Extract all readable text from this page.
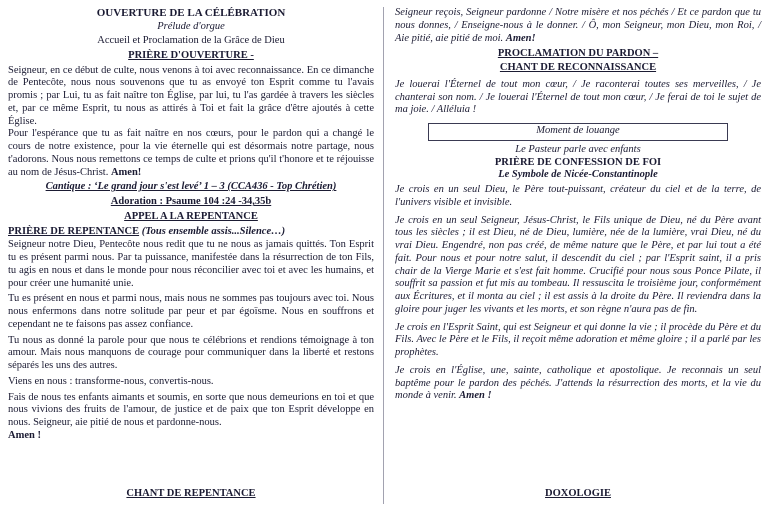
OUVERTURE DE LA CÉLÉBRATION
Prélude d'orgue
Accueil et Proclamation de la Grâce de Dieu
PRIÈRE D'OUVERTURE -

Seigneur, en ce début de culte, nous venons à toi avec reconnaissance. En ce dimanche de Pentecôte, nous nous souvenons que tu as envoyé ton Esprit comme tu l'avais promis ; par Lui, tu as fait naître ton Église, par lui, tu l'as gardée à travers les siècles et, par ce même Esprit, tu nous as attirés à Toi et fait la grâce d'être ajoutés à cette Église.

Pour l'espérance que tu as fait naître en nos cœurs, pour le pardon qui a changé le cours de notre existence, pour la vie éternelle qui est désormais notre partage, nous t'adorons. Nous nous remettons ce temps de culte et prions qu'il t'honore et te réjouisse au nom de Jésus-Christ. Amen!

Cantique : ‘Le grand jour s'est levé’ 1 – 3 (CCA436 - Top Chrétien)
Adoration : Psaume 104 :24 -34,35b
APPEL A LA REPENTANCE

PRIÈRE DE REPENTANCE (Tous ensemble assis...Silence…)

Seigneur notre Dieu, Pentecôte nous redit que tu ne nous as jamais quittés. Ton Esprit tu es présent parmi nous. Par ta puissance, manifestée dans la résurrection de ton Fils, tu agis en nous et dans le monde pour nous réconcilier avec toi et avec les humains, et pour créer une humanité unie.

Tu es présent en nous et parmi nous, mais nous ne sommes pas toujours avec toi. Nous nous enfermons dans notre solitude par peur et par égoïsme. Nous en souffrons et cependant ne te faisons pas assez confiance.

Tu nous as donné la parole pour que nous te célébrions et rendions témoignage à ton amour. Mais nous manquons de courage pour communiquer dans la liberté et restons séparés les uns des autres.

Viens en nous : transforme-nous, convertis-nous.

Fais de nous tes enfants aimants et soumis, en sorte que nous demeurions en toi et que nous vivions des fruits de l'amour, de justice et de paix que ton Esprit développe en nous. Seigneur, aie pitié de nous et pardonne-nous.

Amen !

CHANT DE REPENTANCE

Seigneur reçois, Seigneur pardonne / Notre misère et nos péchés / Et ce pardon que tu nous donnes, / Enseigne-nous à le donner. / Ô, mon Seigneur, mon Dieu, mon Roi, / Aie pitié, aie pitié de moi. Amen!

PROCLAMATION DU PARDON –
CHANT DE RECONNAISSANCE

Je louerai l'Éternel de tout mon cœur, / Je raconterai toutes ses merveilles, / Je chanterai son nom. / Je louerai l'Éternel de tout mon cœur, / Je ferai de toi le sujet de ma joie. / Alléluia !

Moment de louange
Le Pasteur parle avec enfants
PRIÈRE DE CONFESSION DE FOI
Le Symbole de Nicée-Constantinople

Je crois en un seul Dieu, le Père tout-puissant, créateur du ciel et de la terre, de l'univers visible et invisible.

Je crois en un seul Seigneur, Jésus-Christ, le Fils unique de Dieu, né du Père avant tous les siècles ; il est Dieu, né de Dieu, lumière, née de la lumière, vrai Dieu, né du vrai Dieu. Engendré, non pas créé, de même nature que le Père, et par lui tout a été fait. Pour nous et pour notre salut, il descendit du ciel ; par l'Esprit saint, il a pris chair de la Vierge Marie et s'est fait homme. Crucifié pour nous sous Ponce Pilate, il souffrit sa passion et fut mis au tombeau. Il ressuscita le troisième jour, conformément aux Écritures, et il monta au ciel ; il est assis à la droite du Père. Il reviendra dans la gloire pour juger les vivants et les morts, et son règne n'aura pas de fin.

Je crois en l'Esprit Saint, qui est Seigneur et qui donne la vie ; il procède du Père et du Fils. Avec le Père et le Fils, il reçoit même adoration et même gloire ; il a parlé par les prophètes.

Je crois en l'Église, une, sainte, catholique et apostolique. Je reconnais un seul baptême pour le pardon des péchés. J'attends la résurrection des morts, et la vie du monde à venir. Amen !

DOXOLOGIE
